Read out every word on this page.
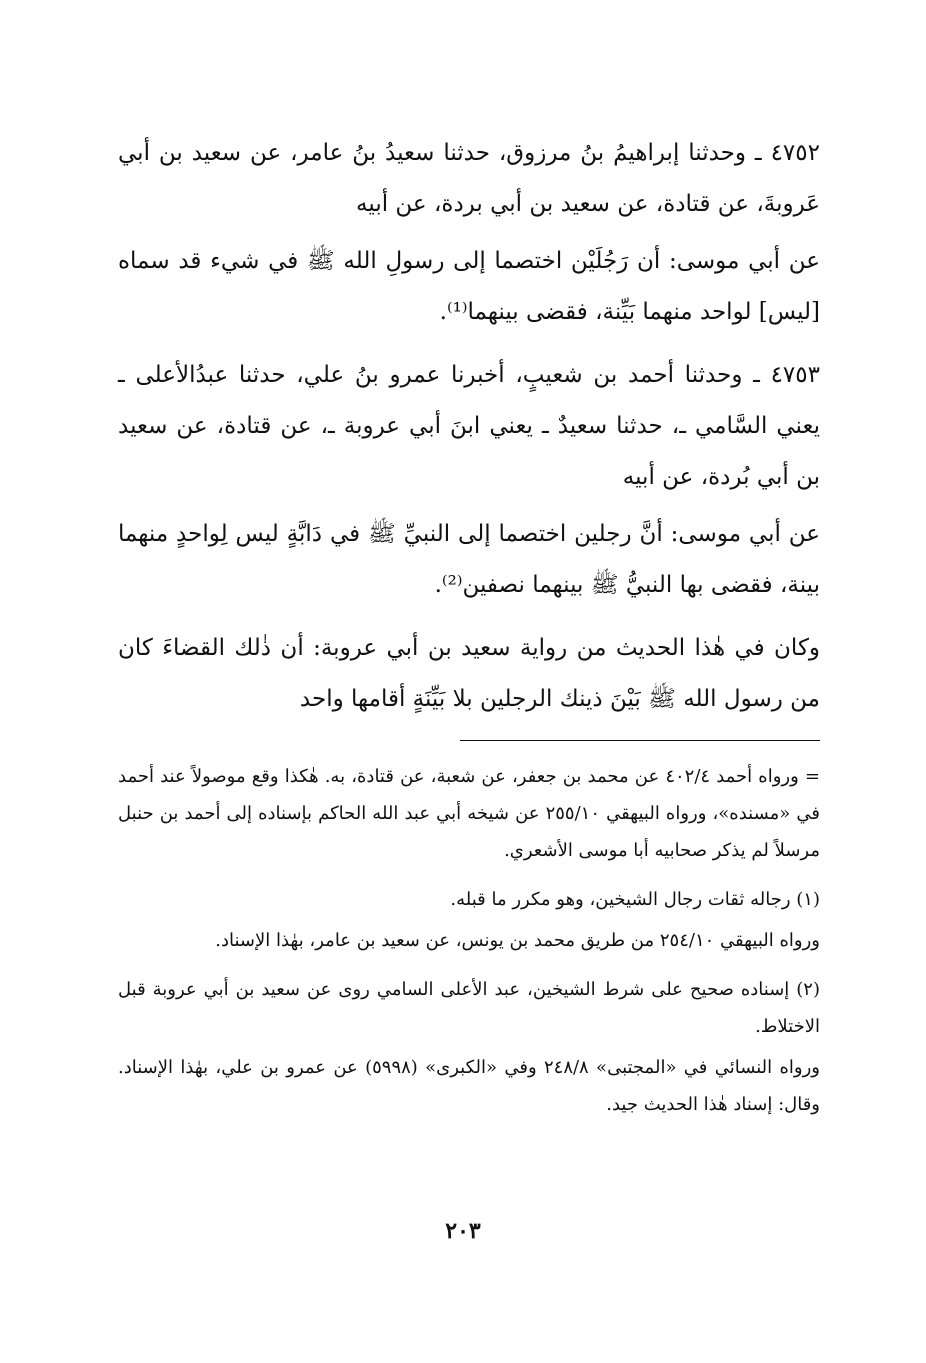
٤٧٥٢ ـ وحدثنا إبراهيمُ بنُ مرزوق، حدثنا سعيدُ بنُ عامر، عن سعيد بن أبي عَروبةَ، عن قتادة، عن سعيد بن أبي بردة، عن أبيه

عن أبي موسى: أن رَجُلَيْن اختصما إلى رسولِ الله ﷺ في شيء قد سماه [ليس] لواحد منهما بَيِّنة، فقضى بينهما⁽¹⁾.

٤٧٥٣ ـ وحدثنا أحمد بن شعيبٍ، أخبرنا عمرو بنُ علي، حدثنا عبدُالأعلى ـ يعني السَّامي ـ، حدثنا سعيدٌ ـ يعني ابنَ أبي عروبة ـ، عن قتادة، عن سعيد بن أبي بُردة، عن أبيه

عن أبي موسى: أنَّ رجلين اختصما إلى النبيِّ ﷺ في دَابَّةٍ ليس لِواحدٍ منهما بينة، فقضى بها النبيُّ ﷺ بينهما نصفين⁽²⁾.

وكان في هٰذا الحديث من رواية سعيد بن أبي عروبة: أن ذٰلك القضاءَ كان من رسول الله ﷺ بَيْنَ ذينك الرجلين بلا بَيِّنَةٍ أقامها واحد

= ورواه أحمد ٤٠٢/٤ عن محمد بن جعفر، عن شعبة، عن قتادة، به. هٰكذا وقع موصولاً عند أحمد في «مسنده»، ورواه البيهقي ٢٥٥/١٠ عن شيخه أبي عبد الله الحاكم بإسناده إلى أحمد بن حنبل مرسلاً لم يذكر صحابيه أبا موسى الأشعري.

(١) رجاله ثقات رجال الشيخين، وهو مكرر ما قبله.

ورواه البيهقي ٢٥٤/١٠ من طريق محمد بن يونس، عن سعيد بن عامر، بهٰذا الإسناد.

(٢) إسناده صحيح على شرط الشيخين، عبد الأعلى السامي روى عن سعيد بن أبي عروبة قبل الاختلاط.

ورواه النسائي في «المجتبى» ٢٤٨/٨ وفي «الكبرى» (٥٩٩٨) عن عمرو بن علي، بهٰذا الإسناد. وقال: إسناد هٰذا الحديث جيد.

٢٠٣
